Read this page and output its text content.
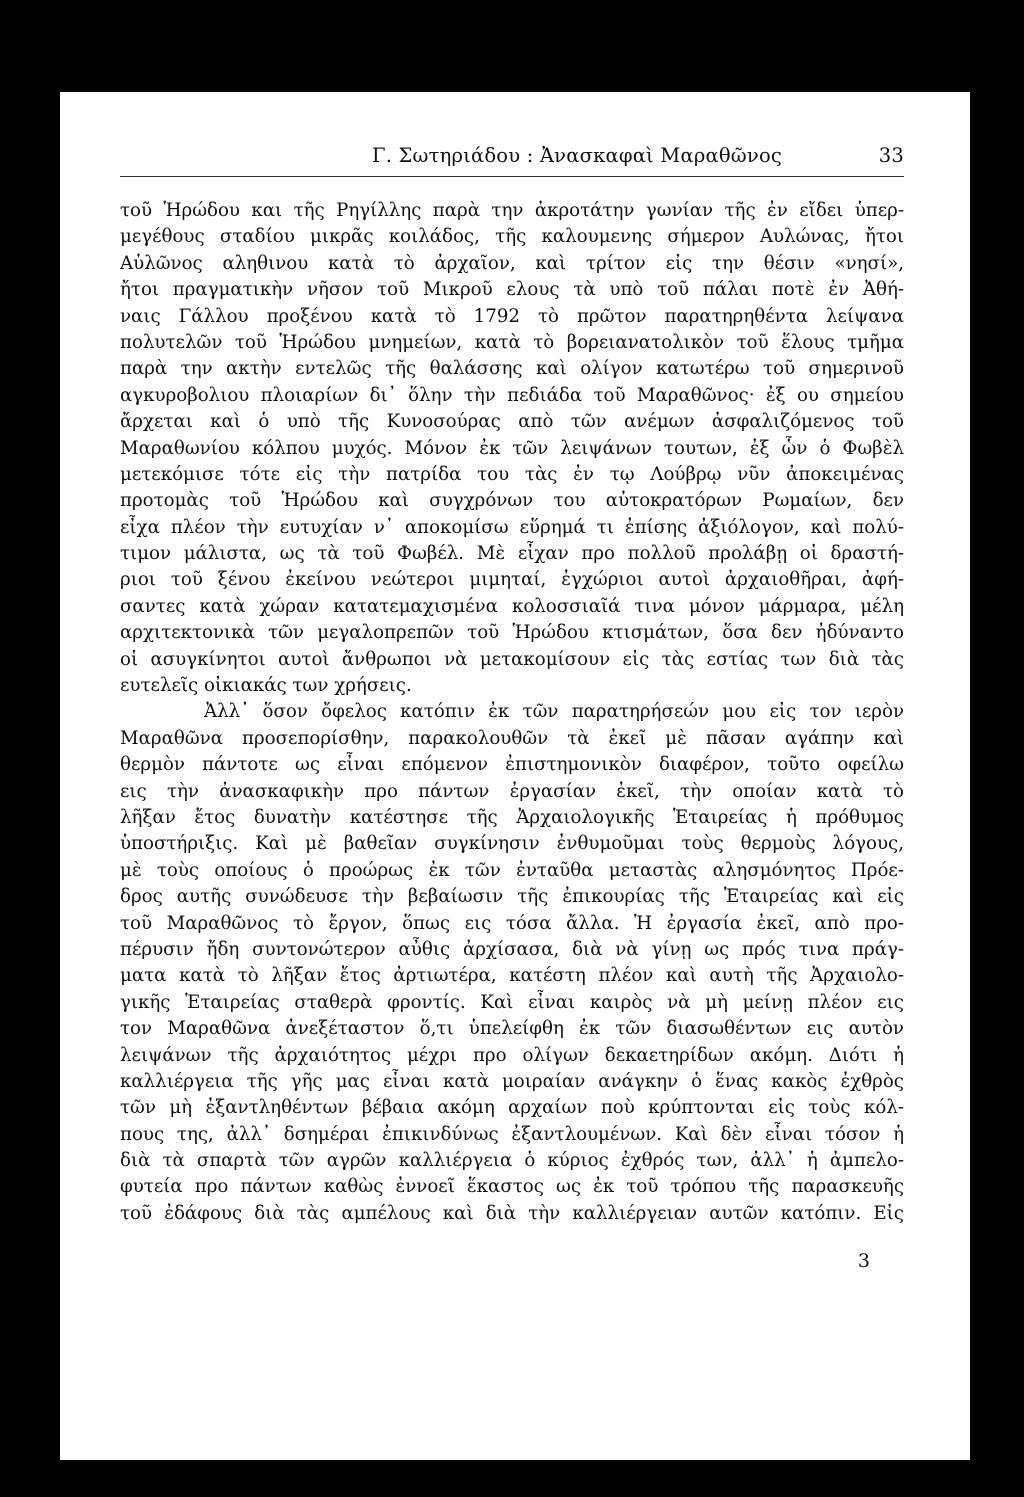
Γ. Σωτηριάδου : Ἀνασκαφαὶ Μαραθῶνος	33
τοῦ Ἡρώδου και τῆς Ρηγίλλης παρὰ την ἀκροτάτην γωνίαν τῆς ἐν εἴδει ὑπερ-
μεγέθους σταδίου μικρᾶς κοιλάδος, τῆς καλουμενης σήμερον Αυλώνας, ἤτοι
Αὐλῶνος αληθινου κατὰ τὸ ἀρχαῖον, καὶ τρίτον εἰς την θέσιν «νησί»,
ἤτοι πραγματικὴν νῆσον τοῦ Μικροῦ ελους τὰ υπὸ τοῦ πάλαι ποτὲ ἐν Ἀθή-
ναις Γάλλου προξένου κατὰ τὸ 1792 τὸ πρῶτον παρατηρηθέντα λείψανα
πολυτελῶν τοῦ Ἡρώδου μνημείων, κατὰ τὸ βορειανατολικὸν τοῦ ἕλους τμῆμα
παρὰ την ακτὴν εντελῶς τῆς θαλάσσης καὶ ολίγον κατωτέρω τοῦ σημερινοῦ
αγκυροβολιου πλοιαρίων δι᾽ ὅλην τὴν πεδιάδα τοῦ Μαραθῶνος· ἐξ ου σημείου
ἄρχεται καὶ ὁ υπὸ τῆς Κυνοσούρας απὸ τῶν ανέμων ἀσφαλιζόμενος τοῦ
Μαραθωνίου κόλπου μυχός. Μόνον ἐκ τῶν λειψάνων τουτων, ἐξ ὧν ὁ Φωβὲλ
μετεκόμισε τότε εἰς τὴν πατρίδα του τὰς ἐν τῳ Λούβρῳ νῦν ἀποκειμένας
προτομὰς τοῦ Ἡρώδου καὶ συγχρόνων του αὐτοκρατόρων Ρωμαίων, δεν
εἶχα πλέον τὴν ευτυχίαν ν᾽ αποκομίσω εὕρημά τι ἐπίσης ἀξιόλογον, καὶ πολύ-
τιμον μάλιστα, ως τὰ τοῦ Φωβέλ. Μὲ εἶχαν προ πολλοῦ προλάβῃ οἱ δραστή-
ριοι τοῦ ξένου ἐκείνου νεώτεροι μιμηταί, ἐγχώριοι αυτοὶ ἀρχαιοθῆραι, ἀφή-
σαντες κατὰ χώραν κατατεμαχισμένα κολοσσιαῖά τινα μόνον μάρμαρα, μέλη
αρχιτεκτονικὰ τῶν μεγαλοπρεπῶν τοῦ Ἡρώδου κτισμάτων, ὅσα δεν ἠδύναντο
οἱ ασυγκίνητοι αυτοὶ ἄνθρωποι νὰ μετακομίσουν εἰς τὰς εστίας των διὰ τὰς
ευτελεῖς οἰκιακάς των χρήσεις.
Ἀλλ᾽ ὅσον ὄφελος κατόπιν ἐκ τῶν παρατηρήσεών μου εἰς τον ιερὸν
Μαραθῶνα προσεπορίσθην, παρακολουθῶν τὰ ἐκεῖ μὲ πᾶσαν αγάπην καὶ
θερμὸν πάντοτε ως εἶναι επόμενον ἐπιστημονικὸν διαφέρον, τοῦτο οφείλω
εις τὴν ἀνασκαφικὴν προ πάντων ἐργασίαν ἐκεῖ, τὴν οποίαν κατὰ τὸ
λῆξαν ἔτος δυνατὴν κατέστησε τῆς Ἀρχαιολογικῆς Ἑταιρείας ἡ πρόθυμος
ὑποστήριξις. Καὶ μὲ βαθεῖαν συγκίνησιν ἐνθυμοῦμαι τοὺς θερμοὺς λόγους,
μὲ τοὺς οποίους ὁ προώρως ἐκ τῶν ἐνταῦθα μεταστὰς αλησμόνητος Πρόε-
δρος αυτῆς συνώδευσε τὴν βεβαίωσιν τῆς ἐπικουρίας τῆς Ἑταιρείας καὶ εἰς
τοῦ Μαραθῶνος τὸ ἔργον, ὅπως εις τόσα ἄλλα. Ἡ ἐργασία ἐκεῖ, απὸ προ-
πέρυσιν ἤδη συντονώτερον αὖθις ἀρχίσασα, διὰ νὰ γίνῃ ως πρός τινα πράγ-
ματα κατὰ τὸ λῆξαν ἔτος ἀρτιωτέρα, κατέστη πλέον καὶ αυτὴ τῆς Ἀρχαιολο-
γικῆς Ἑταιρείας σταθερὰ φροντίς. Καὶ εἶναι καιρὸς νὰ μὴ μείνῃ πλέον εις
τον Μαραθῶνα ἀνεξέταστον ὅ,τι ὑπελείφθη ἐκ τῶν διασωθέντων εις αυτὸν
λειψάνων τῆς ἀρχαιότητος μέχρι προ ολίγων δεκαετηρίδων ακόμη. Διότι ἡ
καλλιέργεια τῆς γῆς μας εἶναι κατὰ μοιραίαν ανάγκην ὁ ἕνας κακὸς ἐχθρὸς
τῶν μὴ ἐξαντληθέντων βέβαια ακόμη αρχαίων ποὺ κρύπτονται εἰς τοὺς κόλ-
πους της, ἀλλ᾽ δσημέραι ἐπικινδύνως ἐξαντλουμένων. Καὶ δὲν εἶναι τόσον ἡ
διὰ τὰ σπαρτὰ τῶν αγρῶν καλλιέργεια ὁ κύριος ἐχθρός των, ἀλλ᾽ ἡ ἀμπελο-
φυτεία προ πάντων καθὼς ἐννοεῖ ἕκαστος ως ἐκ τοῦ τρόπου τῆς παρασκευῆς
τοῦ ἐδάφους διὰ τὰς αμπέλους καὶ διὰ τὴν καλλιέργειαν αυτῶν κατόπιν. Εἰς
3
